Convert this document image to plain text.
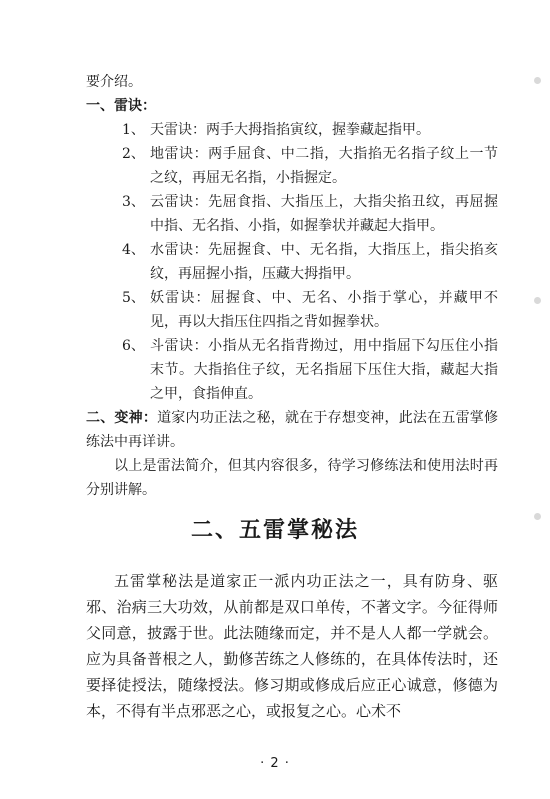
要介绍。

一、雷诀：

1、 天雷诀：两手大拇指掐寅纹，握拳藏起指甲。
2、 地雷诀：两手屈食、中二指，大指掐无名指子纹上一节之纹，再屈无名指，小指握定。
3、 云雷诀：先屈食指、大指压上，大指尖掐丑纹，再屈握中指、无名指、小指，如握拳状并藏起大指甲。
4、 水雷诀：先屈握食、中、无名指，大指压上，指尖掐亥纹，再屈握小指，压藏大拇指甲。
5、 妖雷诀：屈握食、中、无名、小指于掌心，并藏甲不见，再以大指压住四指之背如握拳状。
6、 斗雷诀：小指从无名指背拗过，用中指屈下勾压住小指末节。大指掐住子纹，无名指屈下压住大指，藏起大指之甲，食指伸直。

二、变神：道家内功正法之秘，就在于存想变神，此法在五雷掌修练法中再详讲。

以上是雷法简介，但其内容很多，待学习修练法和使用法时再分别讲解。

二、五雷掌秘法

五雷掌秘法是道家正一派内功正法之一，具有防身、驱邪、治病三大功效，从前都是双口单传，不著文字。今征得师父同意，披露于世。此法随缘而定，并不是人人都一学就会。应为具备普根之人，勤修苦练之人修练的，在具体传法时，还要择徒授法，随缘授法。修习期或修成后应正心诚意，修德为本，不得有半点邪恶之心，或报复之心。心术不

· 2 ·
